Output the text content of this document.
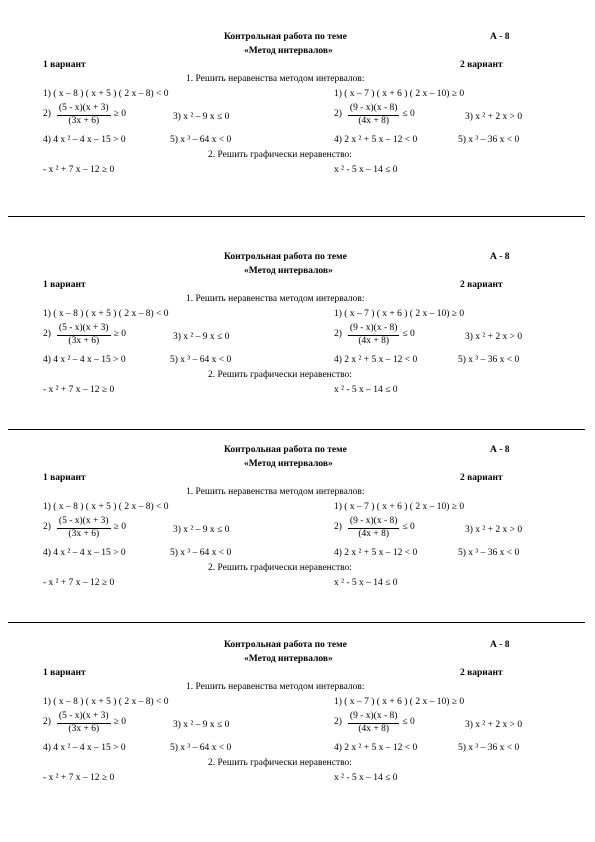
Контрольная работа по теме
«Метод интервалов»
А - 8
1 вариант	2 вариант
1. Решить неравенства методом интервалов:
1) ( x – 8 ) ( x + 5 ) ( 2 x – 8) < 0	1) ( x – 7 ) ( x + 6 ) ( 2 x – 10) ≥ 0
$2) \frac{(5 - x)(x + 3)}{(3x + 6)} \ge 0$	3) x ² – 9 x ≤ 0	$2) \frac{(9 - x)(x - 8)}{(4x + 8)} \le 0$	3) x ² + 2 x > 0
4) 4 x ² – 4 x – 15 > 0	5) x ³ – 64 x < 0	4) 2 x ² + 5 x – 12 < 0	5) x ³ – 36 x < 0
2. Решить графически неравенство:
- x ² + 7 x – 12 ≥ 0	x ² - 5 x – 14 ≤ 0
Контрольная работа по теме
«Метод интервалов»
А - 8
1 вариант	2 вариант
1. Решить неравенства методом интервалов:
1) ( x – 8 ) ( x + 5 ) ( 2 x – 8) < 0	1) ( x – 7 ) ( x + 6 ) ( 2 x – 10) ≥ 0
$2) \frac{(5 - x)(x + 3)}{(3x + 6)} \ge 0$	3) x ² – 9 x ≤ 0	$2) \frac{(9 - x)(x - 8)}{(4x + 8)} \le 0$	3) x ² + 2 x > 0
4) 4 x ² – 4 x – 15 > 0	5) x ³ – 64 x < 0	4) 2 x ² + 5 x – 12 < 0	5) x ³ – 36 x < 0
2. Решить графически неравенство:
- x ² + 7 x – 12 ≥ 0	x ² - 5 x – 14 ≤ 0
Контрольная работа по теме
«Метод интервалов»
А - 8
1 вариант	2 вариант
1. Решить неравенства методом интервалов:
1) ( x – 8 ) ( x + 5 ) ( 2 x – 8) < 0	1) ( x – 7 ) ( x + 6 ) ( 2 x – 10) ≥ 0
$2) \frac{(5 - x)(x + 3)}{(3x + 6)} \ge 0$	3) x ² – 9 x ≤ 0	$2) \frac{(9 - x)(x - 8)}{(4x + 8)} \le 0$	3) x ² + 2 x > 0
4) 4 x ² – 4 x – 15 > 0	5) x ³ – 64 x < 0	4) 2 x ² + 5 x – 12 < 0	5) x ³ – 36 x < 0
2. Решить графически неравенство:
- x ² + 7 x – 12 ≥ 0	x ² - 5 x – 14 ≤ 0
Контрольная работа по теме
«Метод интервалов»
А - 8
1 вариант	2 вариант
1. Решить неравенства методом интервалов:
1) ( x – 8 ) ( x + 5 ) ( 2 x – 8) < 0	1) ( x – 7 ) ( x + 6 ) ( 2 x – 10) ≥ 0
$2) \frac{(5 - x)(x + 3)}{(3x + 6)} \ge 0$	3) x ² – 9 x ≤ 0	$2) \frac{(9 - x)(x - 8)}{(4x + 8)} \le 0$	3) x ² + 2 x > 0
4) 4 x ² – 4 x – 15 > 0	5) x ³ – 64 x < 0	4) 2 x ² + 5 x – 12 < 0	5) x ³ – 36 x < 0
2. Решить графически неравенство:
- x ² + 7 x – 12 ≥ 0	x ² - 5 x – 14 ≤ 0
